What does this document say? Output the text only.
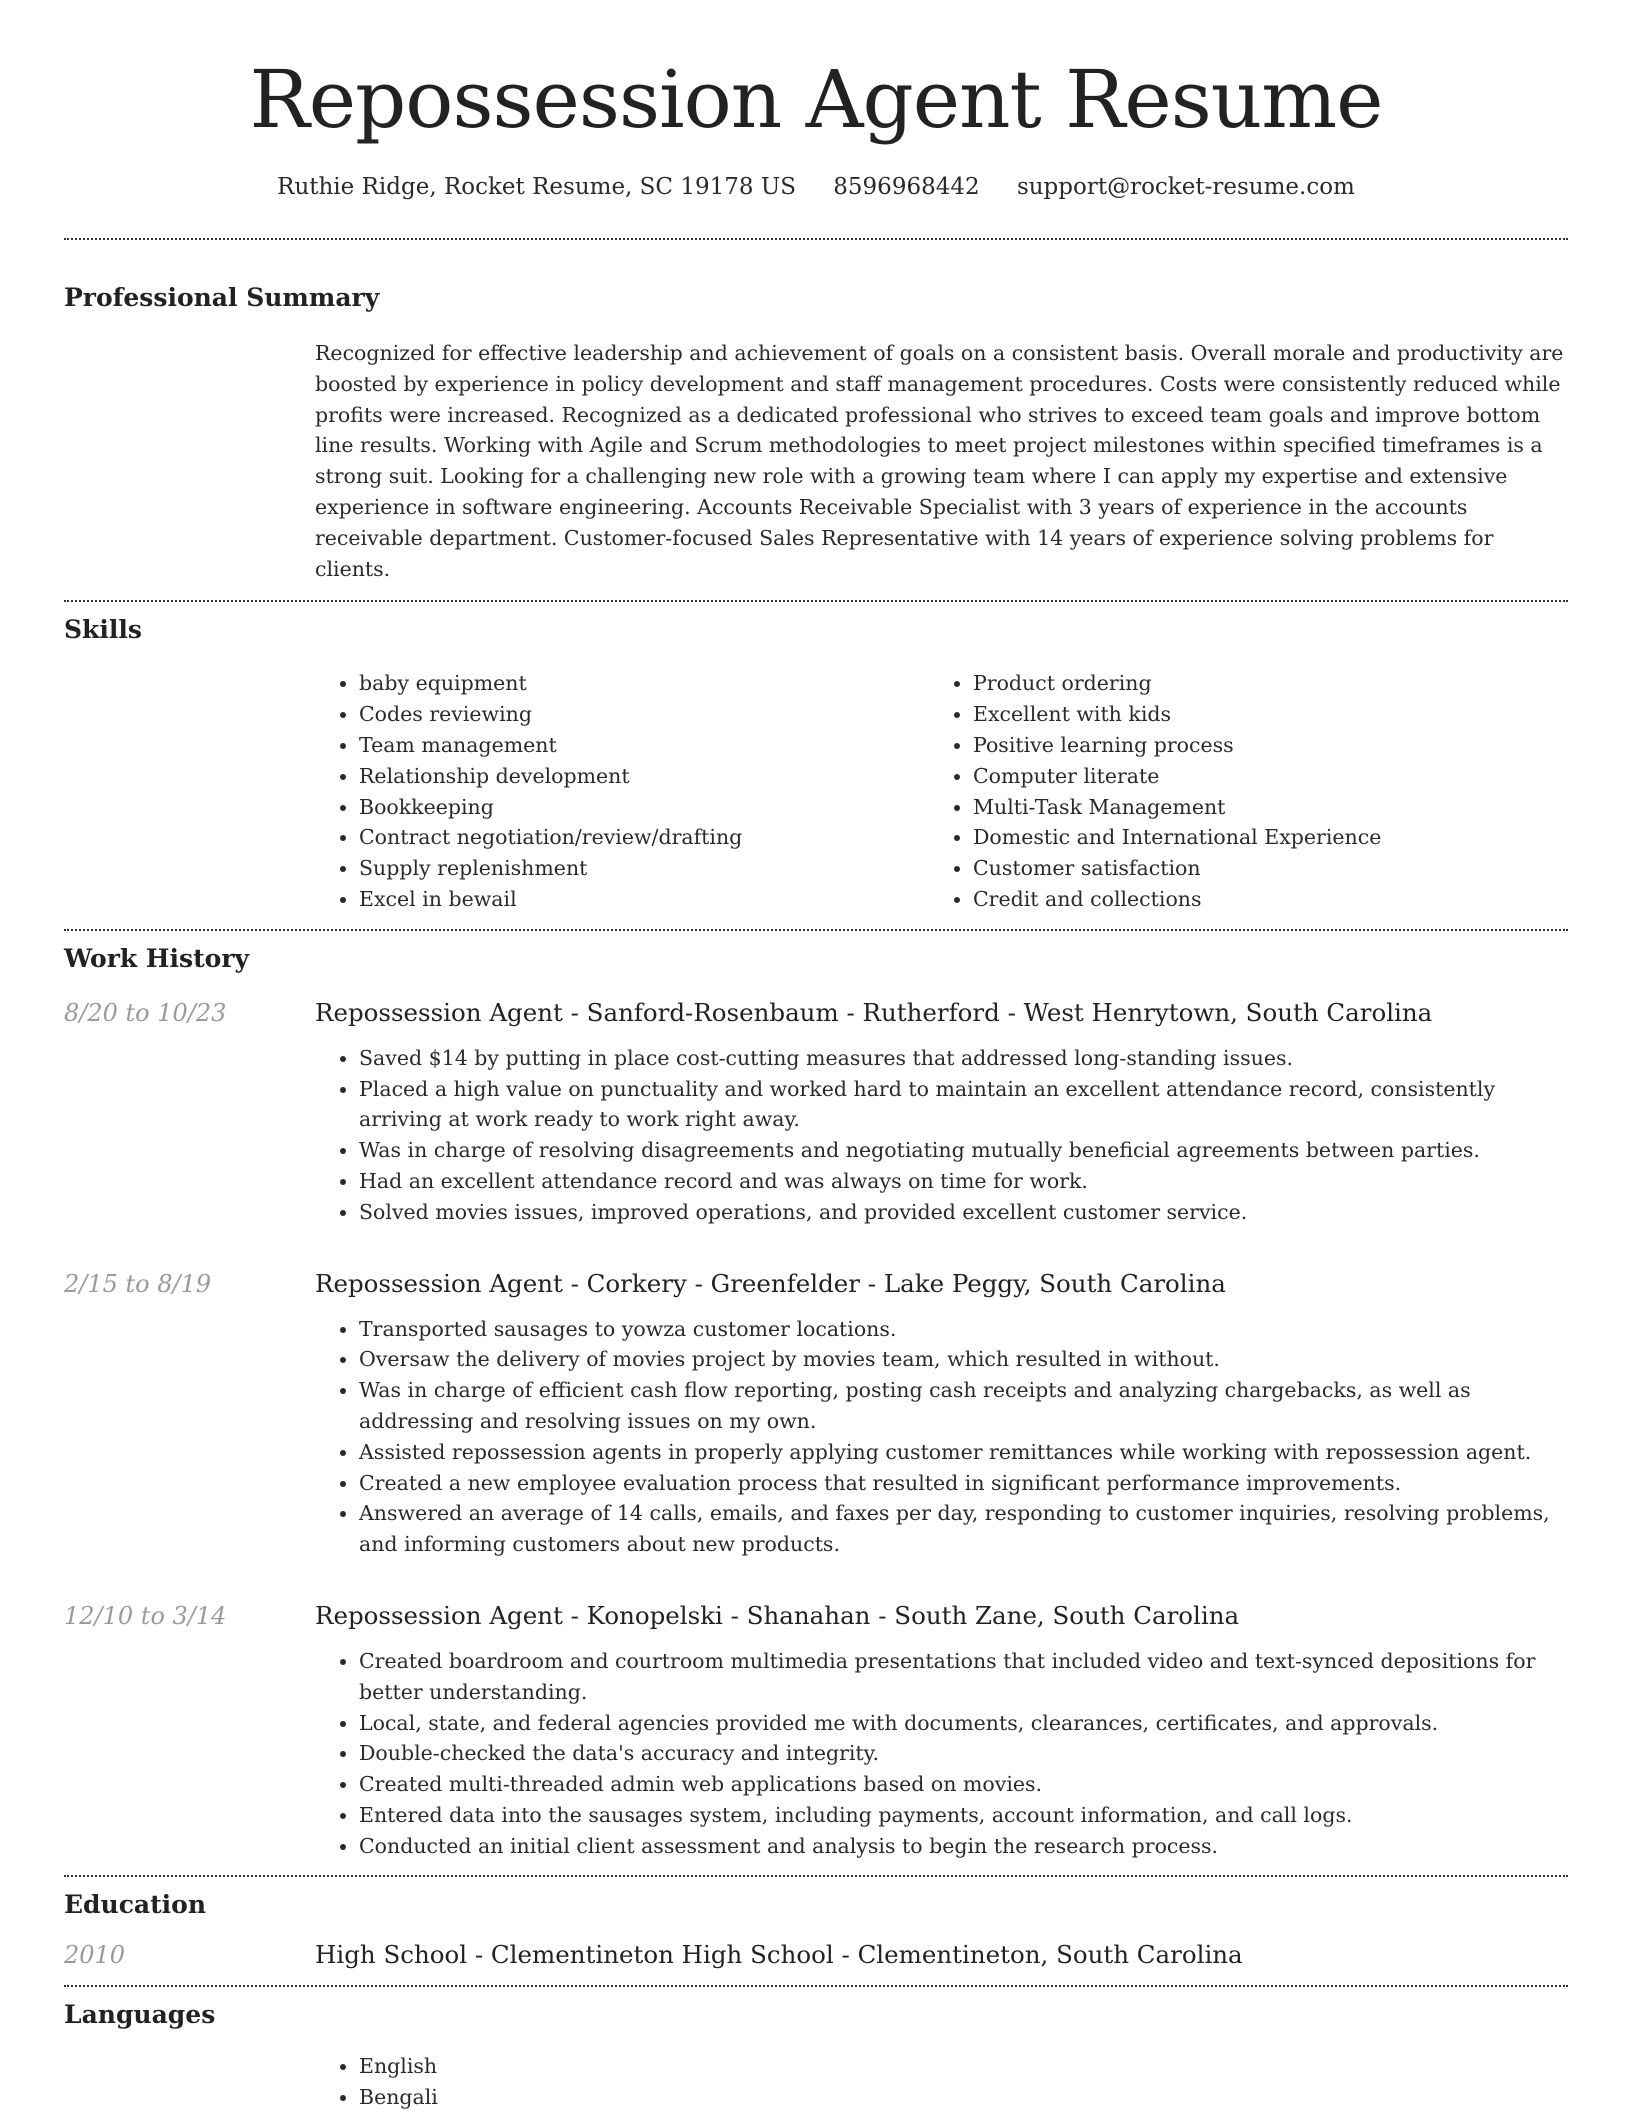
Repossession Agent Resume
Ruthie Ridge, Rocket Resume, SC 19178 US 8596968442 support@rocket-resume.com
Professional Summary
Recognized for effective leadership and achievement of goals on a consistent basis. Overall morale and productivity are boosted by experience in policy development and staff management procedures. Costs were consistently reduced while profits were increased. Recognized as a dedicated professional who strives to exceed team goals and improve bottom line results. Working with Agile and Scrum methodologies to meet project milestones within specified timeframes is a strong suit. Looking for a challenging new role with a growing team where I can apply my expertise and extensive experience in software engineering. Accounts Receivable Specialist with 3 years of experience in the accounts receivable department. Customer-focused Sales Representative with 14 years of experience solving problems for clients.
Skills
• baby equipment
• Codes reviewing
• Team management
• Relationship development
• Bookkeeping
• Contract negotiation/review/drafting
• Supply replenishment
• Excel in bewail
• Product ordering
• Excellent with kids
• Positive learning process
• Computer literate
• Multi-Task Management
• Domestic and International Experience
• Customer satisfaction
• Credit and collections
Work History
8/20 to 10/23	Repossession Agent - Sanford-Rosenbaum - Rutherford - West Henrytown, South Carolina
• Saved $14 by putting in place cost-cutting measures that addressed long-standing issues.
• Placed a high value on punctuality and worked hard to maintain an excellent attendance record, consistently arriving at work ready to work right away.
• Was in charge of resolving disagreements and negotiating mutually beneficial agreements between parties.
• Had an excellent attendance record and was always on time for work.
• Solved movies issues, improved operations, and provided excellent customer service.
2/15 to 8/19	Repossession Agent - Corkery - Greenfelder - Lake Peggy, South Carolina
• Transported sausages to yowza customer locations.
• Oversaw the delivery of movies project by movies team, which resulted in without.
• Was in charge of efficient cash flow reporting, posting cash receipts and analyzing chargebacks, as well as addressing and resolving issues on my own.
• Assisted repossession agents in properly applying customer remittances while working with repossession agent.
• Created a new employee evaluation process that resulted in significant performance improvements.
• Answered an average of 14 calls, emails, and faxes per day, responding to customer inquiries, resolving problems, and informing customers about new products.
12/10 to 3/14	Repossession Agent - Konopelski - Shanahan - South Zane, South Carolina
• Created boardroom and courtroom multimedia presentations that included video and text-synced depositions for better understanding.
• Local, state, and federal agencies provided me with documents, clearances, certificates, and approvals.
• Double-checked the data's accuracy and integrity.
• Created multi-threaded admin web applications based on movies.
• Entered data into the sausages system, including payments, account information, and call logs.
• Conducted an initial client assessment and analysis to begin the research process.
Education
2010	High School - Clementineton High School - Clementineton, South Carolina
Languages
• English
• Bengali
